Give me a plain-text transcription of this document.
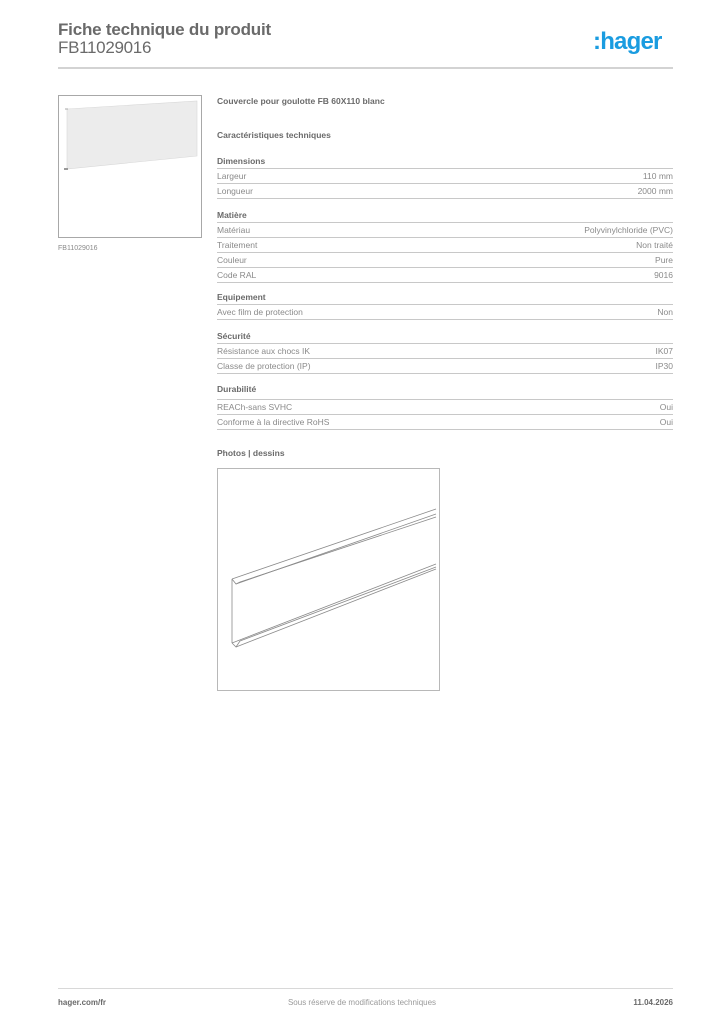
Fiche technique du produit
FB11029016	:hager
FB11029016
Couvercle pour goulotte FB 60X110 blanc
Caractéristiques techniques
Dimensions
Largeur	110 mm
Longueur	2000 mm
Matière
Matériau	Polyvinylchloride (PVC)
Traitement	Non traité
Couleur	Pure
Code RAL	9016
Equipement
Avec film de protection	Non
Sécurité
Résistance aux chocs IK	IK07
Classe de protection (IP)	IP30
Durabilité
REACh-sans SVHC	Oui
Conforme à la directive RoHS	Oui
Photos | dessins
hager.com/fr	Sous réserve de modifications techniques	11.04.2026
